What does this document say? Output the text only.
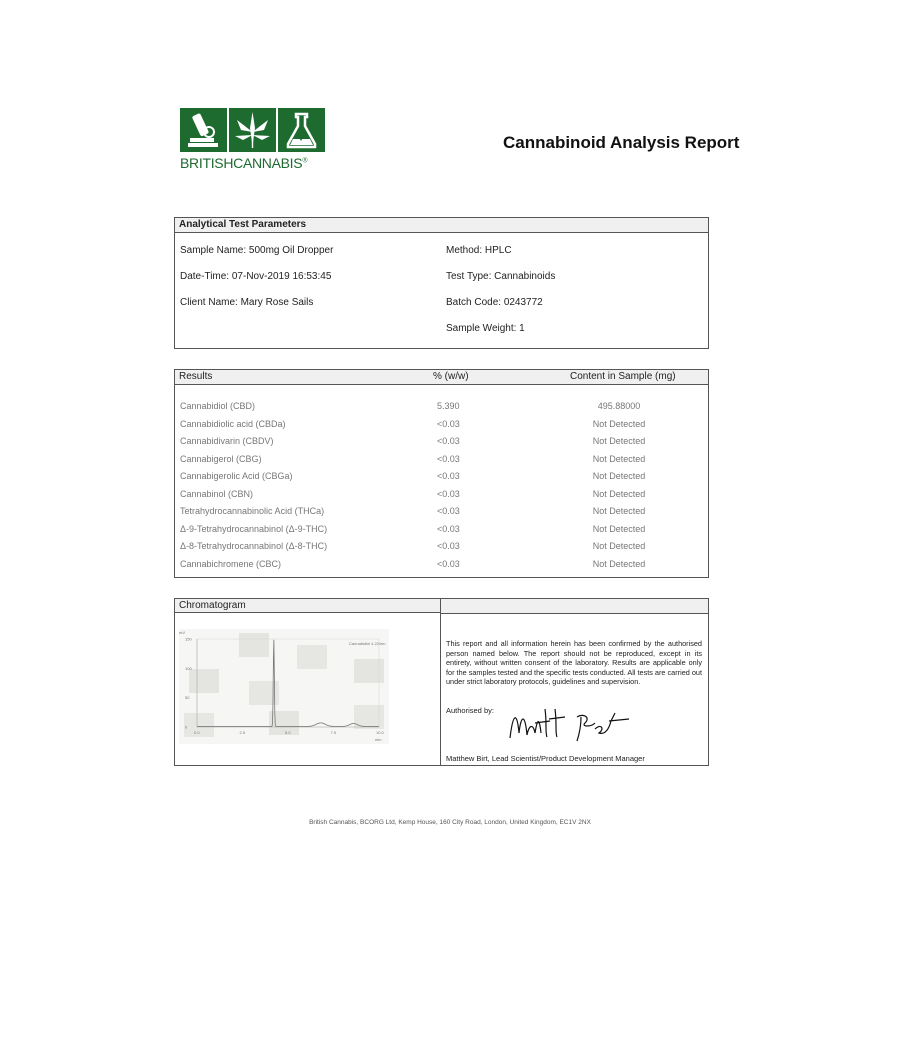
BRITISHCANNABIS®
Cannabinoid Analysis Report
Analytical Test Parameters
Sample Name: 500mg Oil Dropper
Date-Time: 07-Nov-2019 16:53:45
Client Name: Mary Rose Sails
Method: HPLC
Test Type: Cannabinoids
Batch Code: 0243772
Sample Weight: 1
Results	% (w/w)	Content in Sample (mg)
Cannabidiol (CBD)	5.390	495.88000
Cannabidiolic acid (CBDa)	<0.03	Not Detected
Cannabidivarin (CBDV)	<0.03	Not Detected
Cannabigerol (CBG)	<0.03	Not Detected
Cannabigerolic Acid (CBGa)	<0.03	Not Detected
Cannabinol (CBN)	<0.03	Not Detected
Tetrahydrocannabinolic Acid (THCa)	<0.03	Not Detected
Δ-9-Tetrahydrocannabinol (Δ-9-THC)	<0.03	Not Detected
Δ-8-Tetrahydrocannabinol (Δ-8-THC)	<0.03	Not Detected
Cannabichromene (CBC)	<0.03	Not Detected
Chromatogram
mV
min
Cannabidiol 4.22min
0.0	2.5	5.0	7.5	10.0
150
100
50
0
This report and all information herein has been confirmed by the authorised person named below. The report should not be reproduced, except in its entirety, without written consent of the laboratory. Results are applicable only for the samples tested and the specific tests conducted. All tests are carried out under strict laboratory protocols, guidelines and supervision.
Authorised by:
Matthew Birt, Lead Scientist/Product Development Manager
British Cannabis, BCORG Ltd, Kemp House, 160 City Road, London, United Kingdom, EC1V 2NX
